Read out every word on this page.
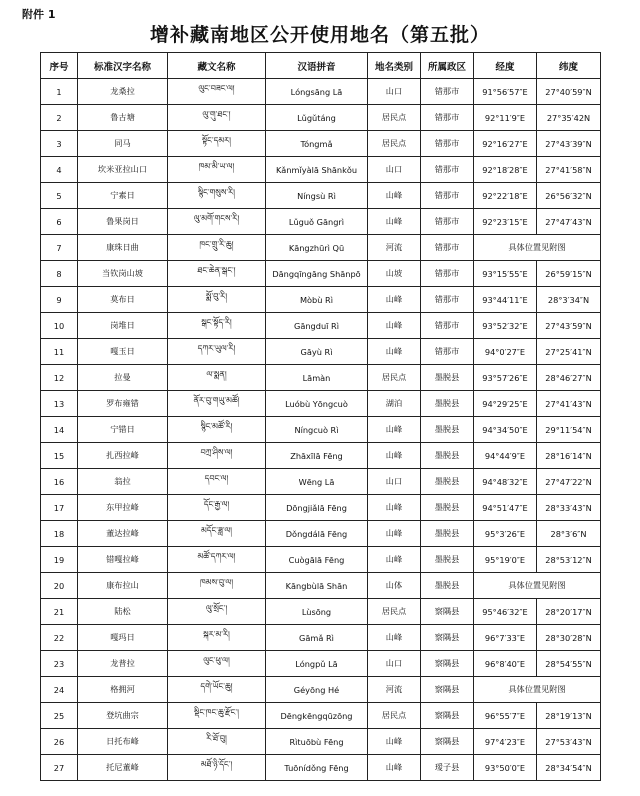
附件 1
增补藏南地区公开使用地名（第五批）
序号	标准汉字名称	藏文名称	汉语拼音	地名类别	所属政区	经度	纬度
1	龙桑拉	ལུང་བཟང་ལ།	Lóngsāng Lā	山口	错那市	91°56′57″E	27°40′59″N
2	鲁古塘	ལུ་གུ་ཐང་།	Lǔgǔtáng	居民点	错那市	92°11′9″E	27°35′42N
3	同马	སྟོང་དམར།	Tóngmǎ	居民点	错那市	92°16′27″E	27°43′39″N
4	坎米亚拉山口	ཁམ་མི་ཡ་ལ།	Kǎnmǐyàlā Shānkǒu	山口	错那市	92°18′28″E	27°41′58″N
5	宁素日	སྙིང་གསུས་རི།	Níngsù Rì	山峰	错那市	92°22′18″E	26°56′32″N
6	鲁果岗日	ལུ་མགོ་གངས་རི།	Lǔguǒ Gāngrì	山峰	错那市	92°23′15″E	27°47′43″N
7	康珠日曲	ཁང་གྲུ་རི་ཆུ།	Kāngzhūrì Qū	河流	错那市	具体位置见附图	
8	当钦岗山坡	ཐང་ཆེན་སྒང་།	Dāngqīngāng Shānpō	山坡	错那市	93°15′55″E	26°59′15″N
9	莫布日	སྨོ་བུ་རི།	Mòbù Rì	山峰	错那市	93°44′11″E	28°3′34″N
10	岗堆日	སྒང་སྟོད་རི།	Gāngduī Rì	山峰	错那市	93°52′32″E	27°43′59″N
11	嘎玉日	དཀར་ཡུལ་རི།	Gāyù Rì	山峰	错那市	94°0′27″E	27°25′41″N
12	拉曼	ལ་སྨན།	Lāmàn	居民点	墨脱县	93°57′26″E	28°46′27″N
13	罗布雍错	ནོར་བུ་གཡུ་མཚོ།	Luóbù Yōngcuò	湖泊	墨脱县	94°29′25″E	27°41′43″N
14	宁错日	སྙིང་མཚོ་རི།	Níngcuò Rì	山峰	墨脱县	94°34′50″E	29°11′54″N
15	扎西拉峰	བཀྲ་ཤིས་ལ།	Zhāxīlā Fēng	山峰	墨脱县	94°44′9″E	28°16′14″N
16	翁拉	དབང་ལ།	Wēng Lā	山口	墨脱县	94°48′32″E	27°47′22″N
17	东甲拉峰	དོང་རྒྱ་ལ།	Dōngjiǎlā Fēng	山峰	墨脱县	94°51′47″E	28°33′43″N
18	董达拉峰	མདོང་ཟླ་ལ།	Dǒngdálā Fēng	山峰	墨脱县	95°3′26″E	28°3′6″N
19	错嘎拉峰	མཚོ་དཀར་ལ།	Cuògālā Fēng	山峰	墨脱县	95°19′0″E	28°53′12″N
20	康布拉山	ཁམས་བུ་ལ།	Kāngbùlā Shān	山体	墨脱县	具体位置见附图	
21	陆松	ལུ་སྲོང་།	Lùsōng	居民点	察隅县	95°46′32″E	28°20′17″N
22	嘎玛日	སྐར་མ་རི།	Gāmǎ Rì	山峰	察隅县	96°7′33″E	28°30′28″N
23	龙普拉	ལུང་ཕུ་ལ།	Lóngpǔ Lā	山口	察隅县	96°8′40″E	28°54′55″N
24	格拥河	དགེ་ཡོང་ཆུ།	Géyōng Hé	河流	察隅县	具体位置见附图	
25	登坑曲宗	སྡིང་ཁང་ཆུ་རྫོང་།	Dēngkēngqūzōng	居民点	察隅县	96°55′7″E	28°19′13″N
26	日托布峰	རི་ཐོ་བུ།	Rìtuōbù Fēng	山峰	察隅县	97°4′23″E	27°53′43″N
27	托尼董峰	མཐོ་ཉི་དོང་།	Tuōnídǒng Fēng	山峰	瑷子县	93°50′0″E	28°34′54″N
